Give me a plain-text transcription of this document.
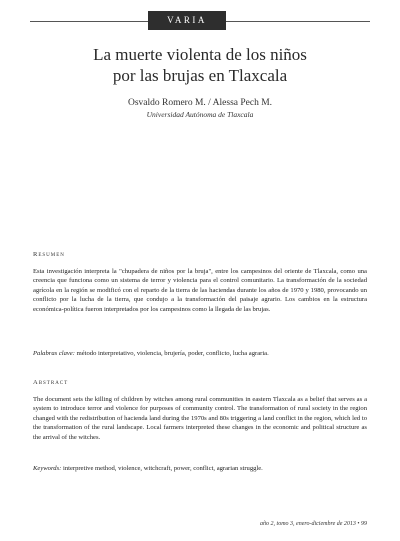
VARIA
La muerte violenta de los niños
por las brujas en Tlaxcala
Osvaldo Romero M. / Alessa Pech M.
Universidad Autónoma de Tlaxcala
Resumen

Esta investigación interpreta la "chupadera de niños por la bruja", entre los campesinos del oriente de Tlaxcala, como una creencia que funciona como un sistema de terror y violencia para el control comunitario. La transformación de la sociedad agrícola en la región se modificó con el reparto de la tierra de las haciendas durante los años de 1970 y 1980, provocando un conflicto por la lucha de la tierra, que condujo a la transformación del paisaje agrario. Los cambios en la estructura económica-política fueron interpretados por los campesinos como la llegada de las brujas.

Palabras clave: método interpretativo, violencia, brujería, poder, conflicto, lucha agraria.

Abstract

The document sets the killing of children by witches among rural communities in eastern Tlaxcala as a belief that serves as a system to introduce terror and violence for purposes of community control. The transformation of rural society in the region changed with the redistribution of hacienda land during the 1970s and 80s triggering a land conflict in the region, which led to the transformation of the rural landscape. Local farmers interpreted these changes in the economic and political structure as the arrival of the witches.

Keywords: interpretive method, violence, witchcraft, power, conflict, agrarian struggle.

año 2, tomo 3, enero-diciembre de 2013 • 99
